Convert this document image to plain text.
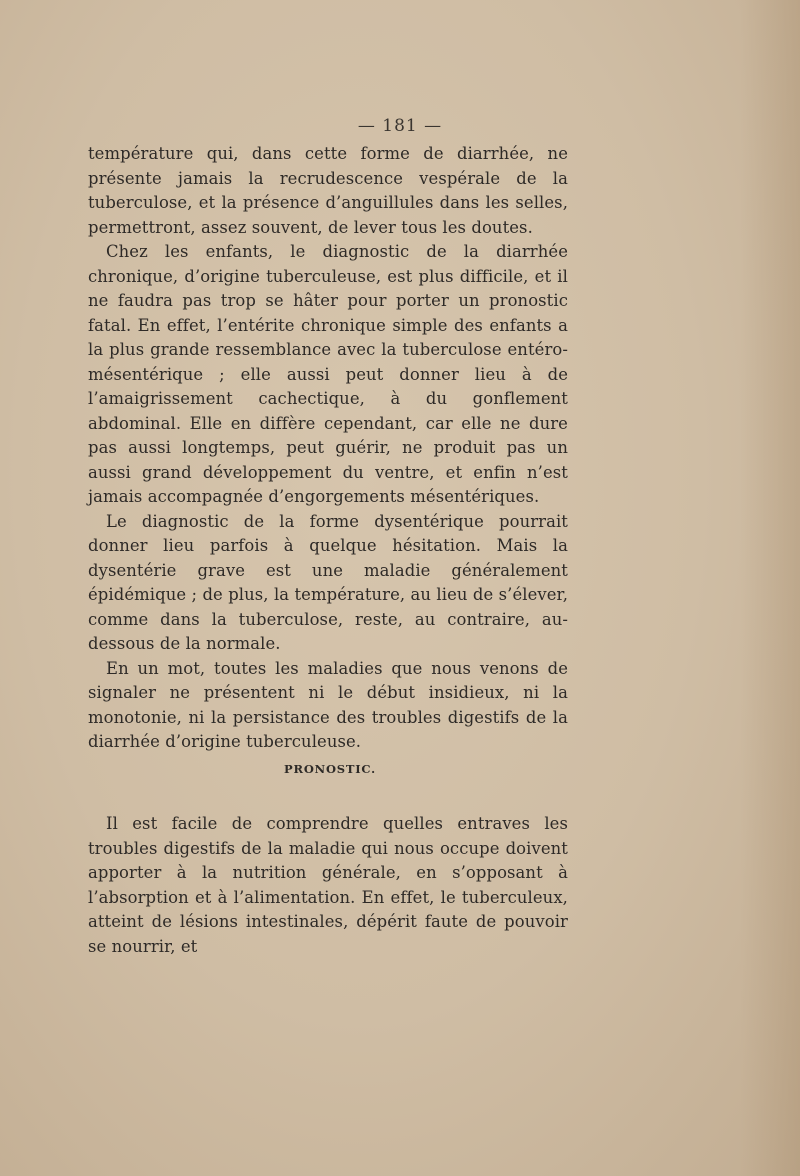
— 181 —

température qui, dans cette forme de diarrhée, ne présente jamais la recrudescence vespérale de la tuberculose, et la présence d’anguillules dans les selles, permettront, assez souvent, de lever tous les doutes.

Chez les enfants, le diagnostic de la diarrhée chronique, d’origine tuberculeuse, est plus difficile, et il ne faudra pas trop se hâter pour porter un pronostic fatal. En effet, l’entérite chronique simple des enfants a la plus grande ressemblance avec la tuberculose entéro-mésentérique ; elle aussi peut donner lieu à de l’amaigrissement cachectique, à du gonflement abdominal. Elle en diffère cependant, car elle ne dure pas aussi longtemps, peut guérir, ne produit pas un aussi grand développement du ventre, et enfin n’est jamais accompagnée d’engorgements mésentériques.

Le diagnostic de la forme dysentérique pourrait donner lieu parfois à quelque hésitation. Mais la dysentérie grave est une maladie généralement épidémique ; de plus, la température, au lieu de s’élever, comme dans la tuberculose, reste, au contraire, au-dessous de la normale.

En un mot, toutes les maladies que nous venons de signaler ne présentent ni le début insidieux, ni la monotonie, ni la persistance des troubles digestifs de la diarrhée d’origine tuberculeuse.

PRONOSTIC.

Il est facile de comprendre quelles entraves les troubles digestifs de la maladie qui nous occupe doivent apporter à la nutrition générale, en s’opposant à l’absorption et à l’alimentation. En effet, le tuberculeux, atteint de lésions intestinales, dépérit faute de pouvoir se nourrir, et
